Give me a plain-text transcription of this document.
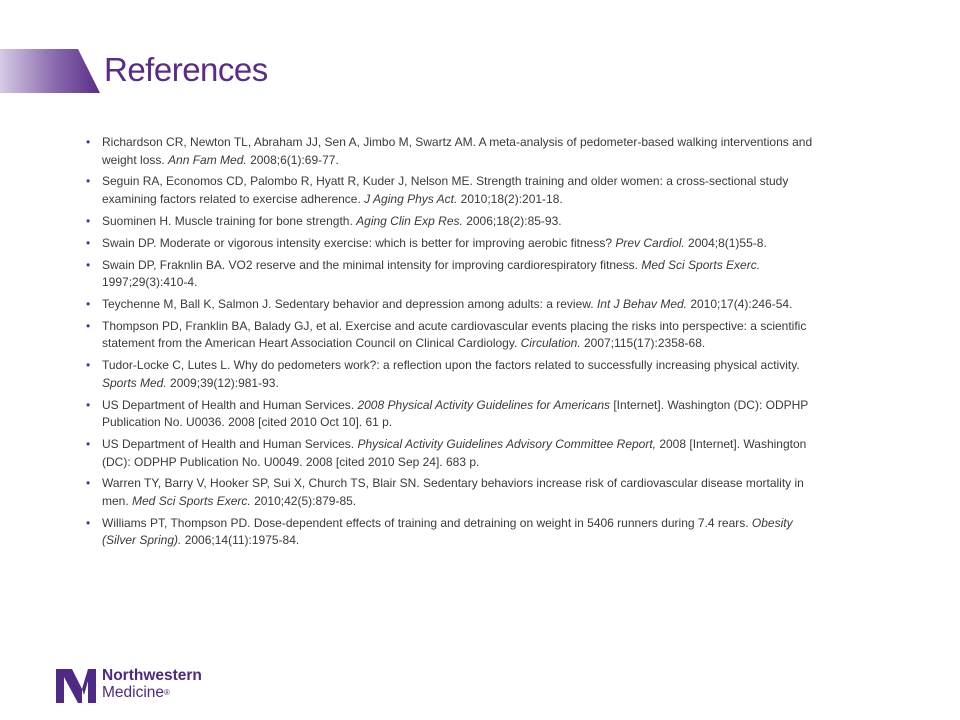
References
• Richardson CR, Newton TL, Abraham JJ, Sen A, Jimbo M, Swartz AM. A meta-analysis of pedometer-based walking interventions and weight loss. Ann Fam Med. 2008;6(1):69-77.
• Seguin RA, Economos CD, Palombo R, Hyatt R, Kuder J, Nelson ME. Strength training and older women: a cross-sectional study examining factors related to exercise adherence. J Aging Phys Act. 2010;18(2):201-18.
• Suominen H. Muscle training for bone strength. Aging Clin Exp Res. 2006;18(2):85-93.
• Swain DP. Moderate or vigorous intensity exercise: which is better for improving aerobic fitness? Prev Cardiol. 2004;8(1)55-8.
• Swain DP, Fraknlin BA. VO2 reserve and the minimal intensity for improving cardiorespiratory fitness. Med Sci Sports Exerc. 1997;29(3):410-4.
• Teychenne M, Ball K, Salmon J. Sedentary behavior and depression among adults: a review. Int J Behav Med. 2010;17(4):246-54.
• Thompson PD, Franklin BA, Balady GJ, et al. Exercise and acute cardiovascular events placing the risks into perspective: a scientific statement from the American Heart Association Council on Clinical Cardiology. Circulation. 2007;115(17):2358-68.
• Tudor-Locke C, Lutes L. Why do pedometers work?: a reflection upon the factors related to successfully increasing physical activity. Sports Med. 2009;39(12):981-93.
• US Department of Health and Human Services. 2008 Physical Activity Guidelines for Americans [Internet]. Washington (DC): ODPHP Publication No. U0036. 2008 [cited 2010 Oct 10]. 61 p.
• US Department of Health and Human Services. Physical Activity Guidelines Advisory Committee Report, 2008 [Internet]. Washington (DC): ODPHP Publication No. U0049. 2008 [cited 2010 Sep 24]. 683 p.
• Warren TY, Barry V, Hooker SP, Sui X, Church TS, Blair SN. Sedentary behaviors increase risk of cardiovascular disease mortality in men. Med Sci Sports Exerc. 2010;42(5):879-85.
• Williams PT, Thompson PD. Dose-dependent effects of training and detraining on weight in 5406 runners during 7.4 rears. Obesity (Silver Spring). 2006;14(11):1975-84.
Northwestern
Medicine®
